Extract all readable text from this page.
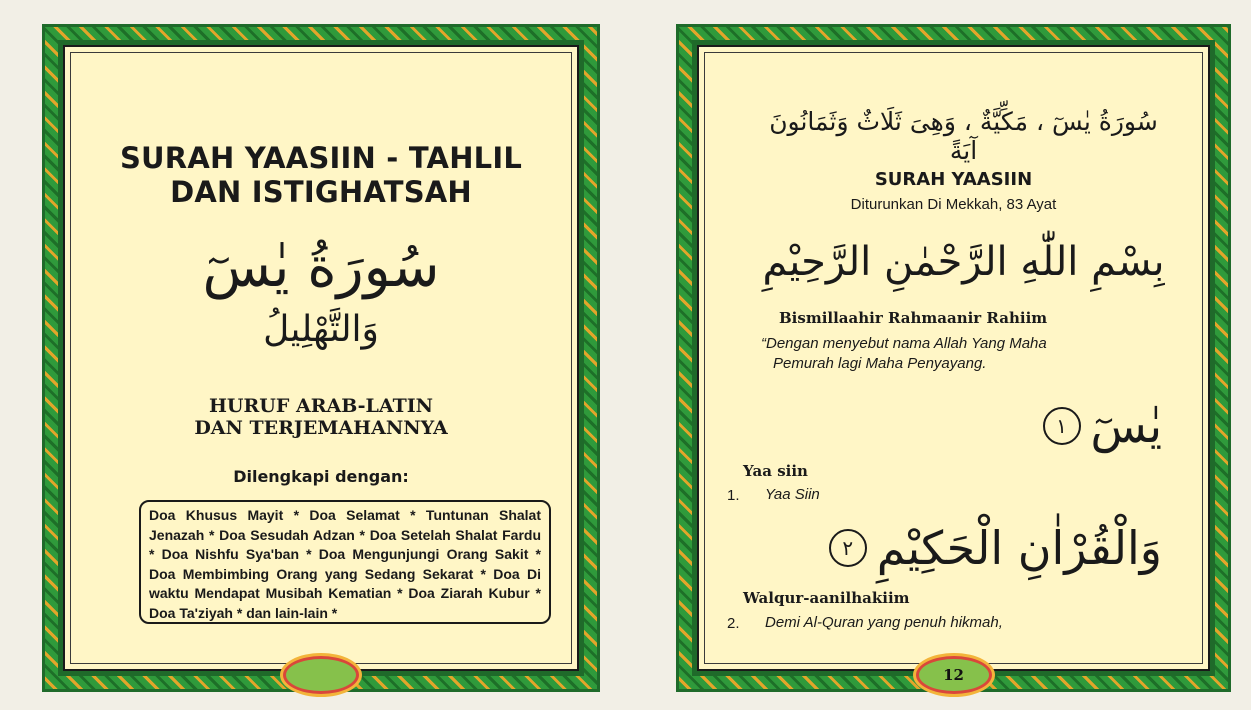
SURAH YAASIIN - TAHLIL
DAN ISTIGHATSAH
سُورَةُ يٰسٓ
وَالتَّهْلِيلُ
HURUF ARAB-LATIN
DAN TERJEMAHANNYA
Dilengkapi dengan:
Doa Khusus Mayit * Doa Selamat * Tuntunan Shalat Jenazah * Doa Sesudah Adzan * Doa Setelah Shalat Fardu * Doa Nishfu Sya'ban * Doa Mengunjungi Orang Sakit * Doa Membimbing Orang yang Sedang Sekarat * Doa Di waktu Mendapat Musibah Kematian * Doa Ziarah Kubur * Doa Ta'ziyah * dan lain-lain *
سُورَةُ يٰسٓ ، مَكِّيَّةٌ ، وَهِىَ ثَلَاثٌ وَثَمَانُونَ آيَةً
SURAH YAASIIN
Diturunkan Di Mekkah, 83 Ayat
بِسْمِ اللّٰهِ الرَّحْمٰنِ الرَّحِيْمِ
Bismillaahir Rahmaanir Rahiim
“Dengan menyebut nama Allah Yang Maha
Pemurah lagi Maha Penyayang.
يٰسٓ
١
Yaa siin
1. Yaa Siin
وَالْقُرْاٰنِ الْحَكِيْمِ
٢
Walqur-aanilhakiim
2. Demi Al-Quran yang penuh hikmah,
12
